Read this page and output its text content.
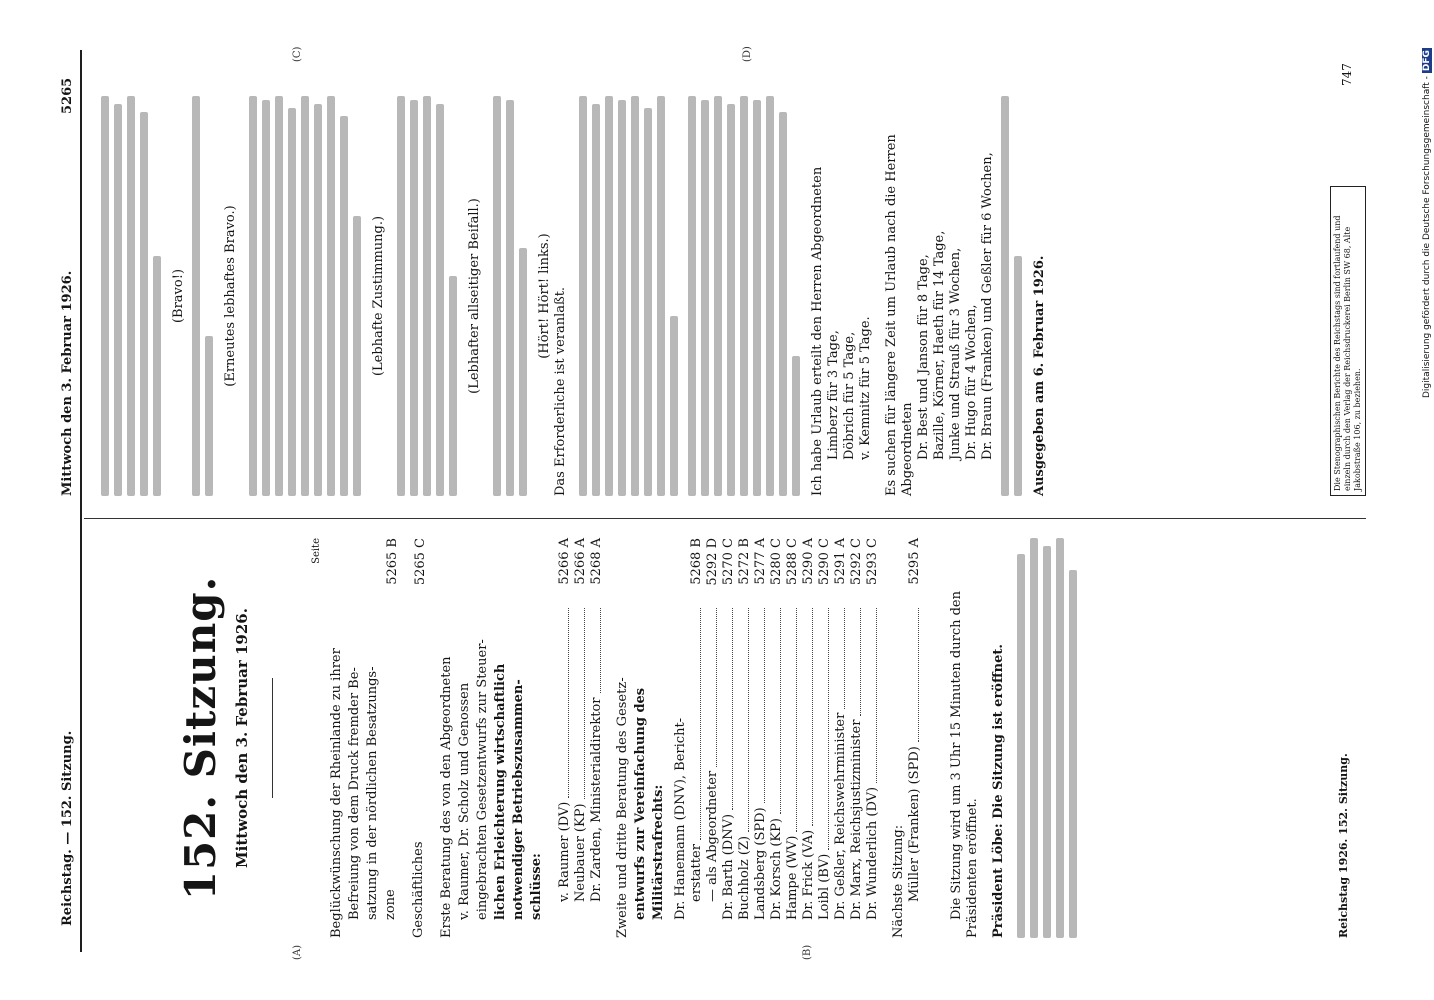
Reichstag. — 152. Sitzung.
Mittwoch den 3. Februar 1926.
5265
(A)	(B)
(C)	(D)
152. Sitzung. Mittwoch den 3. Februar 1926.
Seite
Beglückwünschung der Rheinlande zu ihrer Befreiung von dem Druck fremder Be- satzung in der nördlichen Besatzungs- zone
5265 B
Geschäftliches
5265 C
Erste Beratung des von den Abgeordneten v. Raumer, Dr. Scholz und Genossen eingebrachten Gesetzentwurfs zur Steuer- lichen Erleichterung wirtschaftlich notwendiger Betriebszusammen- schlüsse: v. Raumer (DV)
5266 A
Neubauer (KP)
5266 A
Dr. Zarden, Ministerialdirektor
5268 A
Zweite und dritte Beratung des Gesetz- entwurfs zur Vereinfachung des Militärstrafrechts: Dr. Hanemann (DNV), Bericht- erstatter
5268 B
— als Abgeordneter
5292 D
Dr. Barth (DNV)
5270 C
Buchholz (Z)
5272 B
Landsberg (SPD)
5277 A
Dr. Korsch (KP)
5280 C
Hampe (WV)
5288 C
Dr. Frick (VA)
5290 A
Loibl (BV)
5290 C
Dr. Geßler, Reichswehrminister
5291 A
Dr. Marx, Reichsjustizminister
5292 C
Dr. Wunderlich (DV)
5293 C
Nächste Sitzung: Müller (Franken) (SPD)
5295 A
Die Sitzung wird um 3 Uhr 15 Minuten durch den Präsidenten eröffnet. Präsident Löbe: Die Sitzung ist eröffnet.	Reichstag 1926. 152. Sitzung.
(Bravo!)	(Erneutes lebhaftes Bravo.)	(Lebhafte Zustimmung.)	(Lebhafter allseitiger Beifall.)	(Hört! Hört! links.) Das Erforderliche ist veranlaßt.	Ich habe Urlaub erteilt den Herren Abgeordneten Limberz für 3 Tage, Döbrich für 5 Tage, v. Kemnitz für 5 Tage. Es suchen für längere Zeit um Urlaub nach die Herren Abgeordneten Dr. Best und Janson für 8 Tage, Bazille, Körner, Haeth für 14 Tage, Junke und Strauß für 3 Wochen, Dr. Hugo für 4 Wochen, Dr. Braun (Franken) und Geßler für 6 Wochen,	Ausgegeben am 6. Februar 1926.	Die Stenographischen Berichte des Reichstags sind fortlaufend und einzeln durch den Verlag der Reichsdruckerei Berlin SW 68, Alte Jakobstraße 106, zu beziehen.
747
Digitalisierung gefördert durch die Deutsche Forschungsgemeinschaft -DFG
